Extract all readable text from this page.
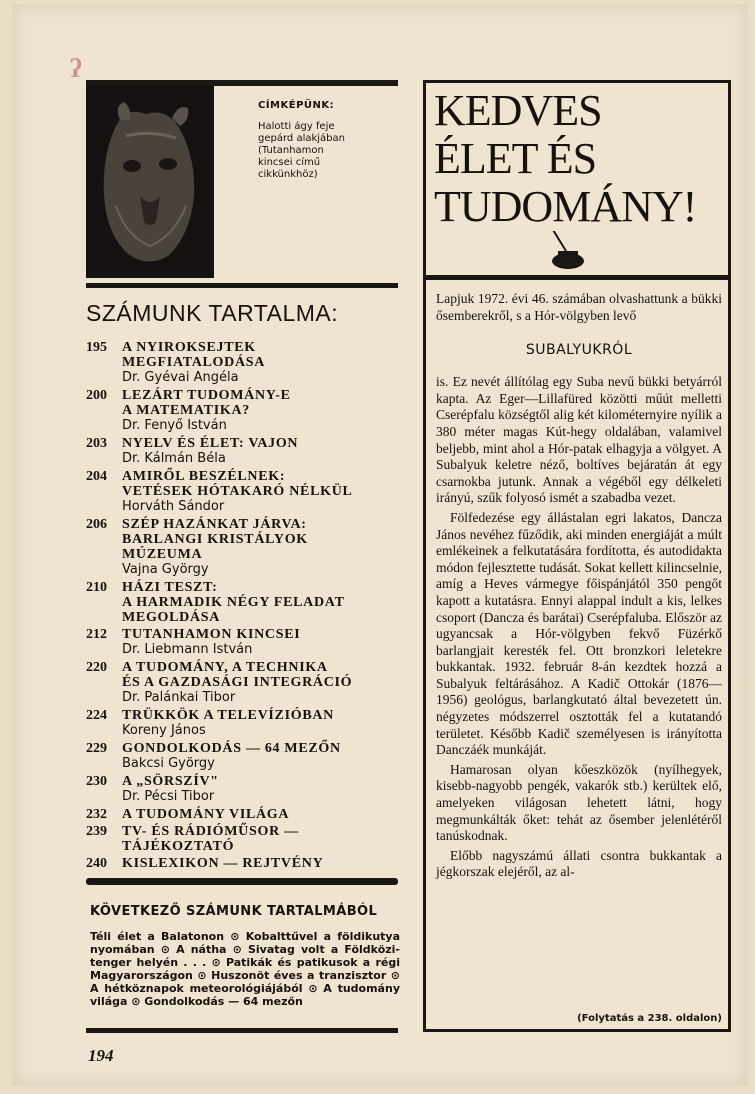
ʔ
CÍMKÉPÜNK:
Halotti ágy feje gepárd alakjában (Tutanhamon kincsei című cikkünkhöz)
SZÁMUNK TARTALMA:
195	A NYIROKSEJTEK
MEGFIATALODÁSA
Dr. Gyévai Angéla
200	LEZÁRT TUDOMÁNY-E
A MATEMATIKA?
Dr. Fenyő István
203	NYELV ÉS ÉLET: VAJON
Dr. Kálmán Béla
204	AMIRŐL BESZÉLNEK:
VETÉSEK HÓTAKARÓ NÉLKÜL
Horváth Sándor
206	SZÉP HAZÁNKAT JÁRVA:
BARLANGI KRISTÁLYOK
MÚZEUMA
Vajna György
210	HÁZI TESZT:
A HARMADIK NÉGY FELADAT
MEGOLDÁSA
212	TUTANHAMON KINCSEI
Dr. Liebmann István
220	A TUDOMÁNY, A TECHNIKA
ÉS A GAZDASÁGI INTEGRÁCIÓ
Dr. Palánkai Tibor
224	TRÜKKÖK A TELEVÍZIÓBAN
Koreny János
229	GONDOLKODÁS — 64 MEZŐN
Bakcsi György
230	A „SÖRSZÍV"
Dr. Pécsi Tibor
232	A TUDOMÁNY VILÁGA
239	TV- ÉS RÁDIÓMŰSOR —
TÁJÉKOZTATÓ
240	KISLEXIKON — REJTVÉNY
KÖVETKEZŐ SZÁMUNK TARTALMÁBÓL
Téli élet a Balatonon ⊙ Kobalttűvel a földikutya nyomában ⊙ A nátha ⊙ Sivatag volt a Földközi-tenger helyén . . . ⊙ Patikák és patikusok a régi Magyarországon ⊙ Huszonöt éves a tranzisztor ⊙ A hétköznapok meteorológiájából ⊙ A tudomány világa ⊙ Gondolkodás — 64 mezőn
194
KEDVES
ÉLET ÉS
TUDOMÁNY!

Lapjuk 1972. évi 46. számában olvashattunk a bükki ősemberekről, s a Hór-völgyben levő

SUBALYUKRÓL

is. Ez nevét állítólag egy Suba nevű bükki betyárról kapta. Az Eger—Lillafüred közötti műút melletti Cserépfalu községtől alig két kilométernyire nyílik a 380 méter magas Kút-hegy oldalában, valamivel beljebb, mint ahol a Hór-patak elhagyja a völgyet. A Subalyuk keletre néző, boltíves bejáratán át egy csarnokba jutunk. Annak a végéből egy délkeleti irányú, szűk folyosó ismét a szabadba vezet.

Fölfedezése egy állástalan egri lakatos, Dancza János nevéhez fűződik, aki minden energiáját a múlt emlékeinek a felkutatására fordította, és autodidakta módon fejlesztette tudását. Sokat kellett kilincselnie, amíg a Heves vármegye főispánjától 350 pengőt kapott a kutatásra. Ennyi alappal indult a kis, lelkes csoport (Dancza és barátai) Cserépfaluba. Először az ugyancsak a Hór-völgyben fekvő Füzérkő barlangjait keresték fel. Ott bronzkori leletekre bukkantak. 1932. február 8-án kezdtek hozzá a Subalyuk feltárásához. A Kadič Ottokár (1876—1956) geológus, barlangkutató által bevezetett ún. négyzetes módszerrel osztották fel a kutatandó területet. Később Kadič személyesen is irányította Danczáék munkáját.

Hamarosan olyan kőeszközök (nyílhegyek, kisebb-nagyobb pengék, vakarók stb.) kerültek elő, amelyeken világosan lehetett látni, hogy megmunkálták őket: tehát az ősember jelenlétéről tanúskodnak.

Előbb nagyszámú állati csontra bukkantak a jégkorszak elejéről, az al-

(Folytatás a 238. oldalon)
